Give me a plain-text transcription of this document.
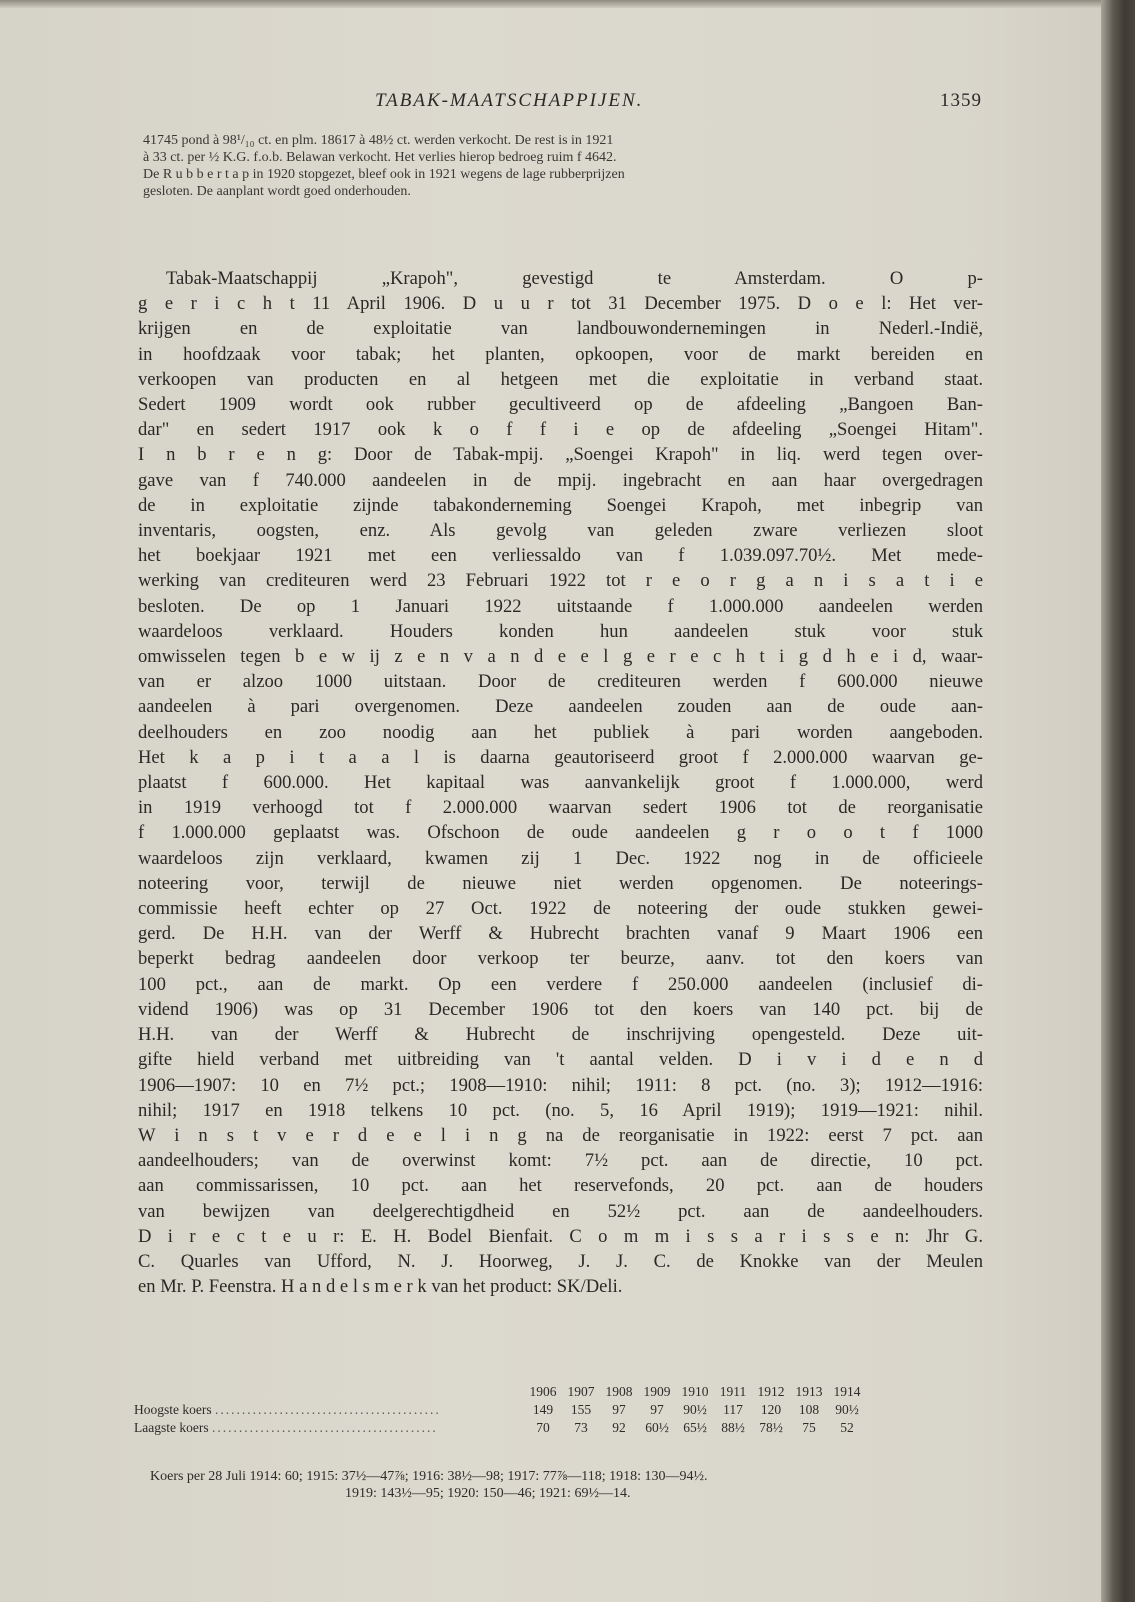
TABAK-MAATSCHAPPIJEN.	1359

41745 pond à 98¹/₁₀ ct. en plm. 18617 à 48½ ct. werden verkocht. De rest is in 1921
à 33 ct. per ½ K.G. f.o.b. Belawan verkocht. Het verlies hierop bedroeg ruim f 4642.
De R u b b e r t a p in 1920 stopgezet, bleef ook in 1921 wegens de lage rubberprijzen
gesloten. De aanplant wordt goed onderhouden.

Tabak-Maatschappij „Krapoh", gevestigd te Amsterdam. O p-
g e r i c h t 11 April 1906. D u u r tot 31 December 1975. D o e l: Het ver-
krijgen en de exploitatie van landbouwondernemingen in Nederl.-Indië,
in hoofdzaak voor tabak; het planten, opkoopen, voor de markt bereiden en
verkoopen van producten en al hetgeen met die exploitatie in verband staat.
Sedert 1909 wordt ook rubber gecultiveerd op de afdeeling „Bangoen Ban-
dar" en sedert 1917 ook k o f f i e op de afdeeling „Soengei Hitam".
I n b r e n g: Door de Tabak-mpij. „Soengei Krapoh" in liq. werd tegen over-
gave van f 740.000 aandeelen in de mpij. ingebracht en aan haar overgedragen
de in exploitatie zijnde tabakonderneming Soengei Krapoh, met inbegrip van
inventaris, oogsten, enz. Als gevolg van geleden zware verliezen sloot
het boekjaar 1921 met een verliessaldo van f 1.039.097.70½. Met mede-
werking van crediteuren werd 23 Februari 1922 tot r e o r g a n i s a t i e
besloten. De op 1 Januari 1922 uitstaande f 1.000.000 aandeelen werden
waardeloos verklaard. Houders konden hun aandeelen stuk voor stuk
omwisselen tegen b e w ij z e n v a n d e e l g e r e c h t i g d h e i d, waar-
van er alzoo 1000 uitstaan. Door de crediteuren werden f 600.000 nieuwe
aandeelen à pari overgenomen. Deze aandeelen zouden aan de oude aan-
deelhouders en zoo noodig aan het publiek à pari worden aangeboden.
Het k a p i t a a l is daarna geautoriseerd groot f 2.000.000 waarvan ge-
plaatst f 600.000. Het kapitaal was aanvankelijk groot f 1.000.000, werd
in 1919 verhoogd tot f 2.000.000 waarvan sedert 1906 tot de reorganisatie
f 1.000.000 geplaatst was. Ofschoon de oude aandeelen g r o o t f 1000
waardeloos zijn verklaard, kwamen zij 1 Dec. 1922 nog in de officieele
noteering voor, terwijl de nieuwe niet werden opgenomen. De noteerings-
commissie heeft echter op 27 Oct. 1922 de noteering der oude stukken gewei-
gerd. De H.H. van der Werff & Hubrecht brachten vanaf 9 Maart 1906 een
beperkt bedrag aandeelen door verkoop ter beurze, aanv. tot den koers van
100 pct., aan de markt. Op een verdere f 250.000 aandeelen (inclusief di-
vidend 1906) was op 31 December 1906 tot den koers van 140 pct. bij de
H.H. van der Werff & Hubrecht de inschrijving opengesteld. Deze uit-
gifte hield verband met uitbreiding van 't aantal velden. D i v i d e n d
1906—1907: 10 en 7½ pct.; 1908—1910: nihil; 1911: 8 pct. (no. 3); 1912—1916:
nihil; 1917 en 1918 telkens 10 pct. (no. 5, 16 April 1919); 1919—1921: nihil.
W i n s t v e r d e e l i n g na de reorganisatie in 1922: eerst 7 pct. aan
aandeelhouders; van de overwinst komt: 7½ pct. aan de directie, 10 pct.
aan commissarissen, 10 pct. aan het reservefonds, 20 pct. aan de houders
van bewijzen van deelgerechtigdheid en 52½ pct. aan de aandeelhouders.
D i r e c t e u r: E. H. Bodel Bienfait. C o m m i s s a r i s s e n: Jhr G.
C. Quarles van Ufford, N. J. Hoorweg, J. J. C. de Knokke van der Meulen
en Mr. P. Feenstra. H a n d e l s m e r k van het product: SK/Deli.

	1906	1907	1908	1909	1910	1911	1912	1913	1914
Hoogste koers ..........................................	149	155	97	97	90½	117	120	108	90½
Laagste koers ..........................................	70	73	92	60½	65½	88½	78½	75	52
Koers per 28 Juli 1914: 60; 1915: 37½—47⅞; 1916: 38½—98; 1917: 77⅞—118; 1918: 130—94½.
1919: 143½—95; 1920: 150—46; 1921: 69½—14.
